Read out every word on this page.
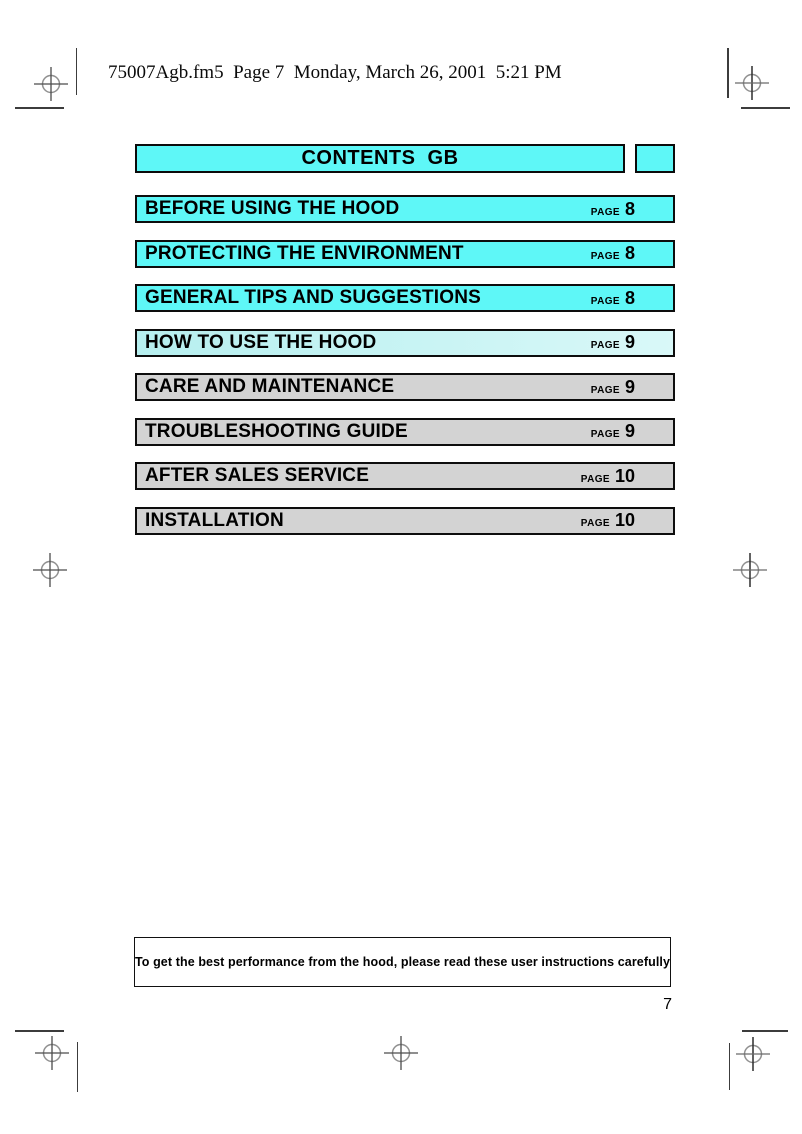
75007Agb.fm5  Page 7  Monday, March 26, 2001  5:21 PM
CONTENTS  GB
BEFORE USING THE HOOD	PAGE 8
PROTECTING THE ENVIRONMENT	PAGE 8
GENERAL TIPS AND SUGGESTIONS	PAGE 8
HOW TO USE THE HOOD	PAGE 9
CARE AND MAINTENANCE	PAGE 9
TROUBLESHOOTING GUIDE	PAGE 9
AFTER SALES SERVICE	PAGE 10
INSTALLATION	PAGE 10
To get the best performance from the hood, please read these user instructions carefully
7
